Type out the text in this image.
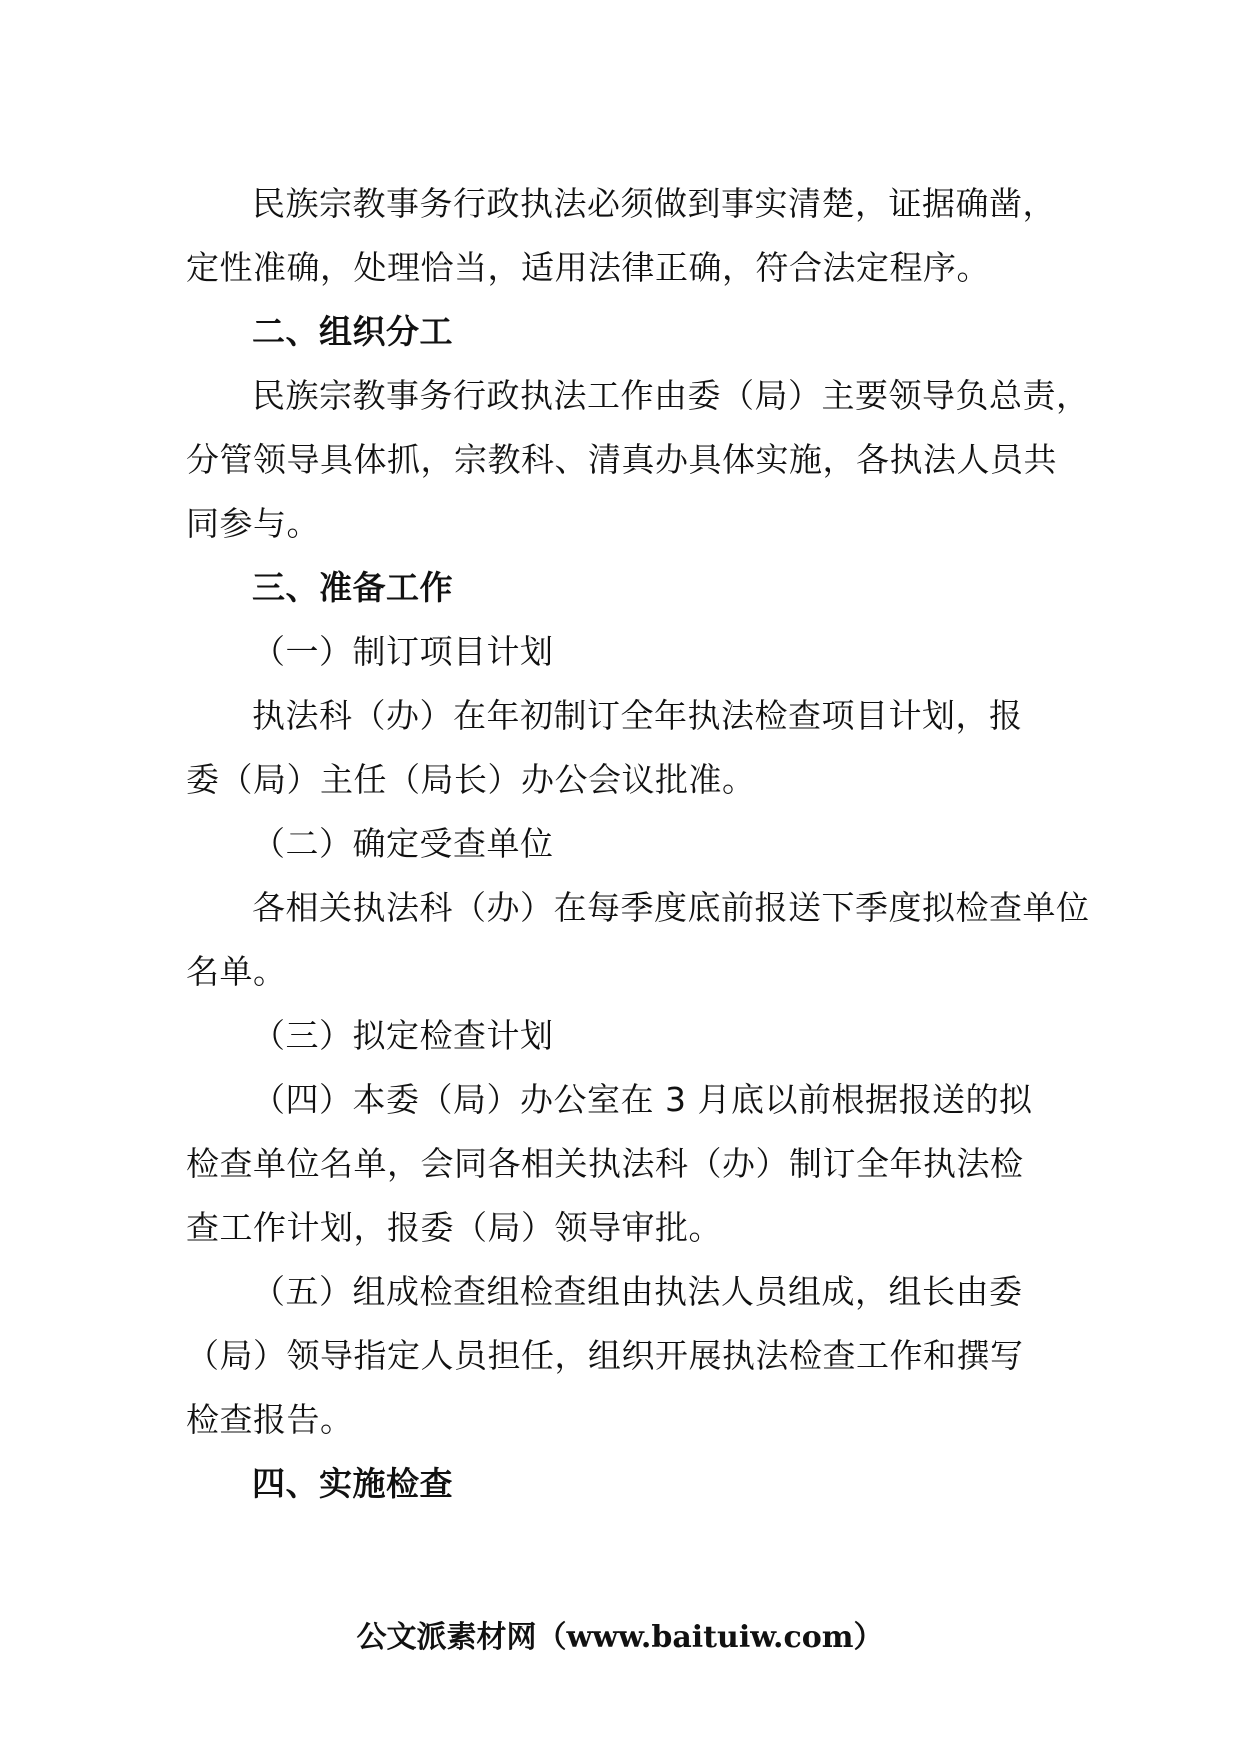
民族宗教事务行政执法必须做到事实清楚，证据确凿，

定性准确，处理恰当，适用法律正确，符合法定程序。

二、组织分工

民族宗教事务行政执法工作由委（局）主要领导负总责，

分管领导具体抓，宗教科、清真办具体实施，各执法人员共

同参与。

三、准备工作

（一）制订项目计划

执法科（办）在年初制订全年执法检查项目计划，报

委（局）主任（局长）办公会议批准。

（二）确定受查单位

各相关执法科（办）在每季度底前报送下季度拟检查单位

名单。

（三）拟定检查计划

（四）本委（局）办公室在 3 月底以前根据报送的拟

检查单位名单，会同各相关执法科（办）制订全年执法检

查工作计划，报委（局）领导审批。

（五）组成检查组检查组由执法人员组成，组长由委

（局）领导指定人员担任，组织开展执法检查工作和撰写

检查报告。

四、实施检查

公文派素材网（www.baituiw.com）
